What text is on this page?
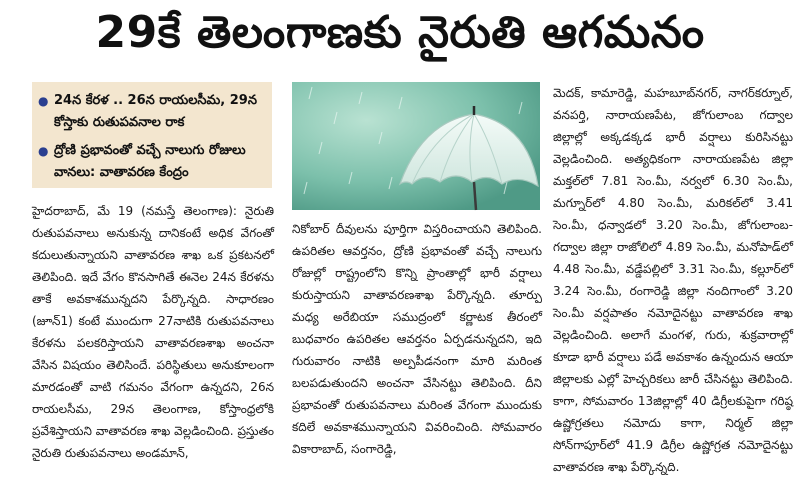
29కే తెలంగాణకు నైరుతి ఆగమనం
● 24న కేరళ .. 26న రాయలసీమ, 29న కోస్తాకు రుతుపవనాల రాక
● ద్రోణి ప్రభావంతో వచ్చే నాలుగు రోజులు వానలు: వాతావరణ కేంద్రం

హైదరాబాద్, మే 19 (నమస్తే తెలంగాణ): నైరుతి రుతుపవనాలు అనుకున్న దానికంటే అధిక వేగంతో కదులుతున్నాయని వాతావరణ శాఖ ఒక ప్రకటనలో తెలిపింది. ఇదే వేగం కొనసాగితే ఈనెల 24న కేరళను తాకే అవకాశమున్నదని పేర్కొన్నది. సాధారణం (జూన్1) కంటే ముందుగా 27నాటికి రుతుపవనాలు కేరళను పలకరిస్తాయని వాతావరణశాఖ అంచనా వేసిన విషయం తెలిసిందే. పరిస్థితులు అనుకూలంగా మారడంతో వాటి గమనం వేగంగా ఉన్నదని, 26న రాయలసీమ, 29న తెలంగాణ, కోస్తాంధ్రలోకి ప్రవేశిస్తాయని వాతావరణ శాఖ వెల్లడించింది. ప్రస్తుతం నైరుతి రుతుపవనాలు అండమాన్,

నికోబార్ దీవులను పూర్తిగా విస్తరించాయని తెలిపింది. ఉపరితల ఆవర్తనం, ద్రోణి ప్రభావంతో వచ్చే నాలుగు రోజుల్లో రాష్ట్రంలోని కొన్ని ప్రాంతాల్లో భారీ వర్షాలు కురుస్తాయని వాతావరణశాఖ పేర్కొన్నది. తూర్పు మధ్య అరేబియా సముద్రంలో కర్ణాటక తీరంలో బుధవారం ఉపరితల ఆవర్తనం ఏర్పడనున్నదని, ఇది గురువారం నాటికి అల్పపీడనంగా మారి మరింత బలపడుతుందని అంచనా వేసినట్టు తెలిపింది. దీని ప్రభావంతో రుతుపవనాలు మరింత వేగంగా ముందుకు కదిలే అవకాశమున్నాయని వివరించింది. సోమవారం వికారాబాద్, సంగారెడ్డి,

మెదక్, కామారెడ్డి, మహబూబ్‌నగర్, నాగర్‌కర్నూల్, వనపర్తి, నారాయణపేట, జోగులాంబ గద్వాల జిల్లాల్లో అక్కడక్కడ భారీ వర్షాలు కురిసినట్టు వెల్లడించింది. అత్యధికంగా నారాయణపేట జిల్లా మక్తల్‌లో 7.81 సెం.మీ, నర్వలో 6.30 సెం.మీ, మగ్నూర్‌లో 4.80 సెం.మీ, మరికల్‌లో 3.41 సెం.మీ, ధన్వాడలో 3.20 సెం.మీ, జోగులాంబ-గద్వాల జిల్లా రాజోలిలో 4.89 సెం.మీ, మనోపాడ్‌లో 4.48 సెం.మీ, వడ్డేపల్లిలో 3.31 సెం.మీ, కల్లూర్‌లో 3.24 సెం.మీ, రంగారెడ్డి జిల్లా నందిగాంలో 3.20 సెం.మీ వర్షపాతం నమోదైనట్టు వాతావరణ శాఖ వెల్లడించింది. అలాగే మంగళ, గురు, శుక్రవారాల్లో కూడా భారీ వర్షాలు పడే అవకాశం ఉన్నందున ఆయా జిల్లాలకు ఎల్లో హెచ్చరికలు జారీ చేసినట్టు తెలిపింది. కాగా, సోమవారం 13జిల్లాల్లో 40 డిగ్రీలకుపైగా గరిష్ఠ ఉష్ణోగ్రతలు నమోదు కాగా, నిర్మల్ జిల్లా సోన్‌గాపూర్‌లో 41.9 డిగ్రీల ఉష్ణోగ్రత నమోదైనట్టు వాతావరణ శాఖ పేర్కొన్నది.
